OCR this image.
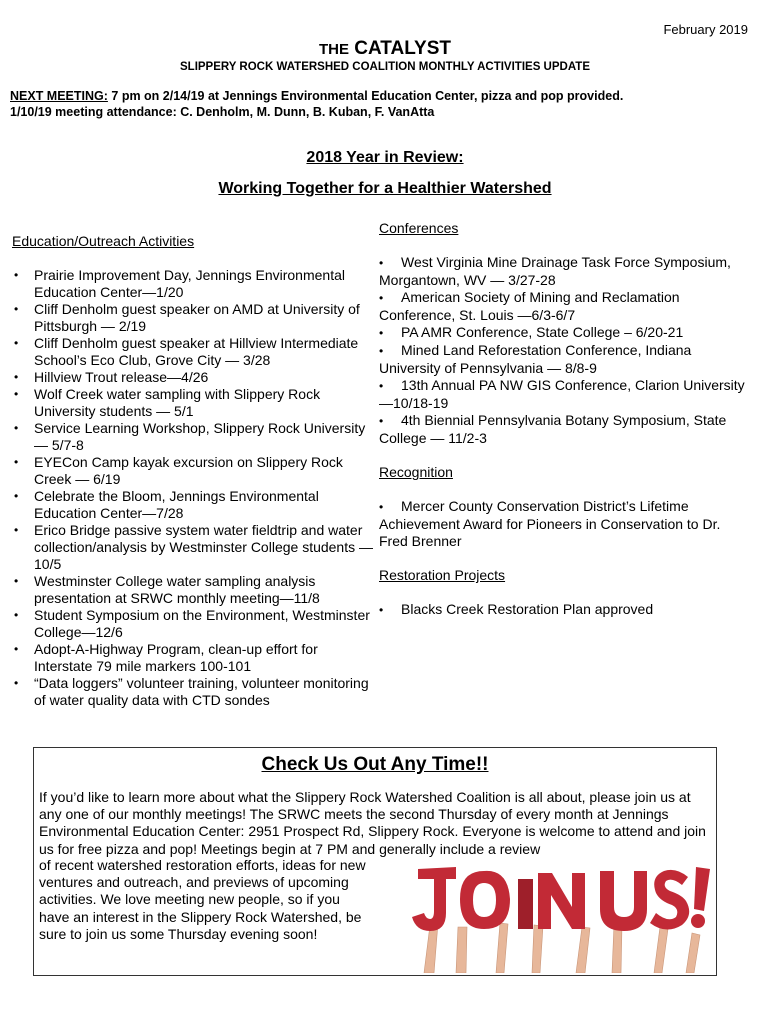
February 2019
THE CATALYST
SLIPPERY ROCK WATERSHED COALITION MONTHLY ACTIVITIES UPDATE
NEXT MEETING: 7 pm on 2/14/19 at Jennings Environmental Education Center, pizza and pop provided.
1/10/19 meeting attendance: C. Denholm, M. Dunn, B. Kuban, F. VanAtta
2018 Year in Review:
Working Together for a Healthier Watershed
Education/Outreach Activities
• Prairie Improvement Day, Jennings Environmental Education Center—1/20
• Cliff Denholm guest speaker on AMD at University of Pittsburgh — 2/19
• Cliff Denholm guest speaker at Hillview Intermediate School’s Eco Club, Grove City — 3/28
• Hillview Trout release—4/26
• Wolf Creek water sampling with Slippery Rock University students — 5/1
• Service Learning Workshop, Slippery Rock University — 5/7-8
• EYECon Camp kayak excursion on Slippery Rock Creek — 6/19
• Celebrate the Bloom, Jennings Environmental Education Center—7/28
• Erico Bridge passive system water fieldtrip and water collection/analysis by Westminster College students — 10/5
• Westminster College water sampling analysis presentation at SRWC monthly meeting—11/8
• Student Symposium on the Environment, Westminster College—12/6
• Adopt-A-Highway Program, clean-up effort for Interstate 79 mile markers 100-101
• “Data loggers” volunteer training, volunteer monitoring of water quality data with CTD sondes
Conferences

• West Virginia Mine Drainage Task Force Symposium, Morgantown, WV — 3/27-28

• American Society of Mining and Reclamation Conference, St. Louis —6/3-6/7

• PA AMR Conference, State College – 6/20-21

• Mined Land Reforestation Conference, Indiana University of Pennsylvania — 8/8-9

• 13th Annual PA NW GIS Conference, Clarion University—10/18-19

• 4th Biennial Pennsylvania Botany Symposium, State College — 11/2-3

Recognition

• Mercer County Conservation District’s Lifetime Achievement Award for Pioneers in Conservation to Dr. Fred Brenner

Restoration Projects

• Blacks Creek Restoration Plan approved

Check Us Out Any Time!!
If you’d like to learn more about what the Slippery Rock Watershed Coalition is all about, please join us at any one of our monthly meetings! The SRWC meets the second Thursday of every month at Jennings Environmental Education Center: 2951 Prospect Rd, Slippery Rock. Everyone is welcome to attend and join us for free pizza and pop! Meetings begin at 7 PM and generally include a review
of recent watershed restoration efforts, ideas for new ventures and outreach, and previews of upcoming activities. We love meeting new people, so if you have an interest in the Slippery Rock Watershed, be sure to join us some Thursday evening soon!
